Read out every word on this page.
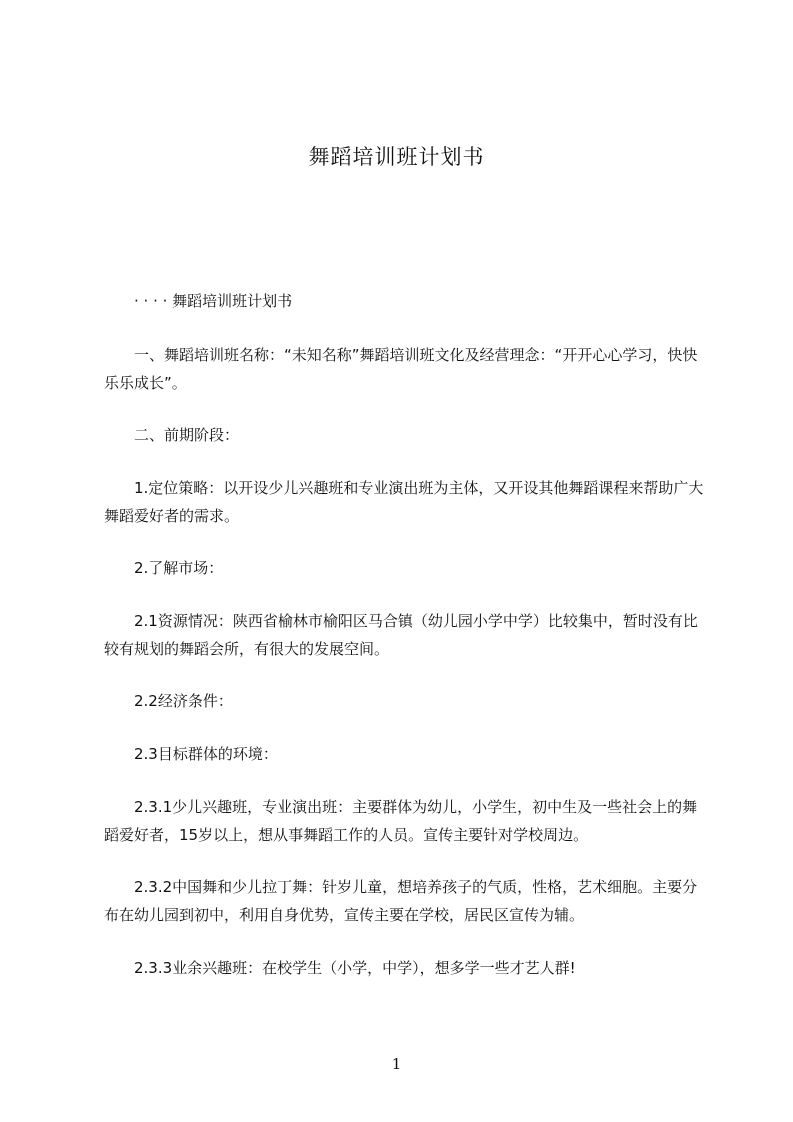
舞蹈培训班计划书

　　· · · · 舞蹈培训班计划书

　　一、舞蹈培训班名称：“未知名称”舞蹈培训班文化及经营理念：“开开心心学习，快快乐乐成长”。

　　二、前期阶段：

　　1.定位策略：以开设少儿兴趣班和专业演出班为主体，又开设其他舞蹈课程来帮助广大舞蹈爱好者的需求。

　　2.了解市场：

　　2.1资源情况：陕西省榆林市榆阳区马合镇（幼儿园小学中学）比较集中，暂时没有比较有规划的舞蹈会所，有很大的发展空间。

　　2.2经济条件：

　　2.3目标群体的环境：

　　2.3.1少儿兴趣班，专业演出班：主要群体为幼儿，小学生，初中生及一些社会上的舞蹈爱好者，15岁以上，想从事舞蹈工作的人员。宣传主要针对学校周边。

　　2.3.2中国舞和少儿拉丁舞：针岁儿童，想培养孩子的气质，性格，艺术细胞。主要分布在幼儿园到初中，利用自身优势，宣传主要在学校，居民区宣传为辅。

　　2.3.3业余兴趣班：在校学生（小学，中学），想多学一些才艺人群!

1
